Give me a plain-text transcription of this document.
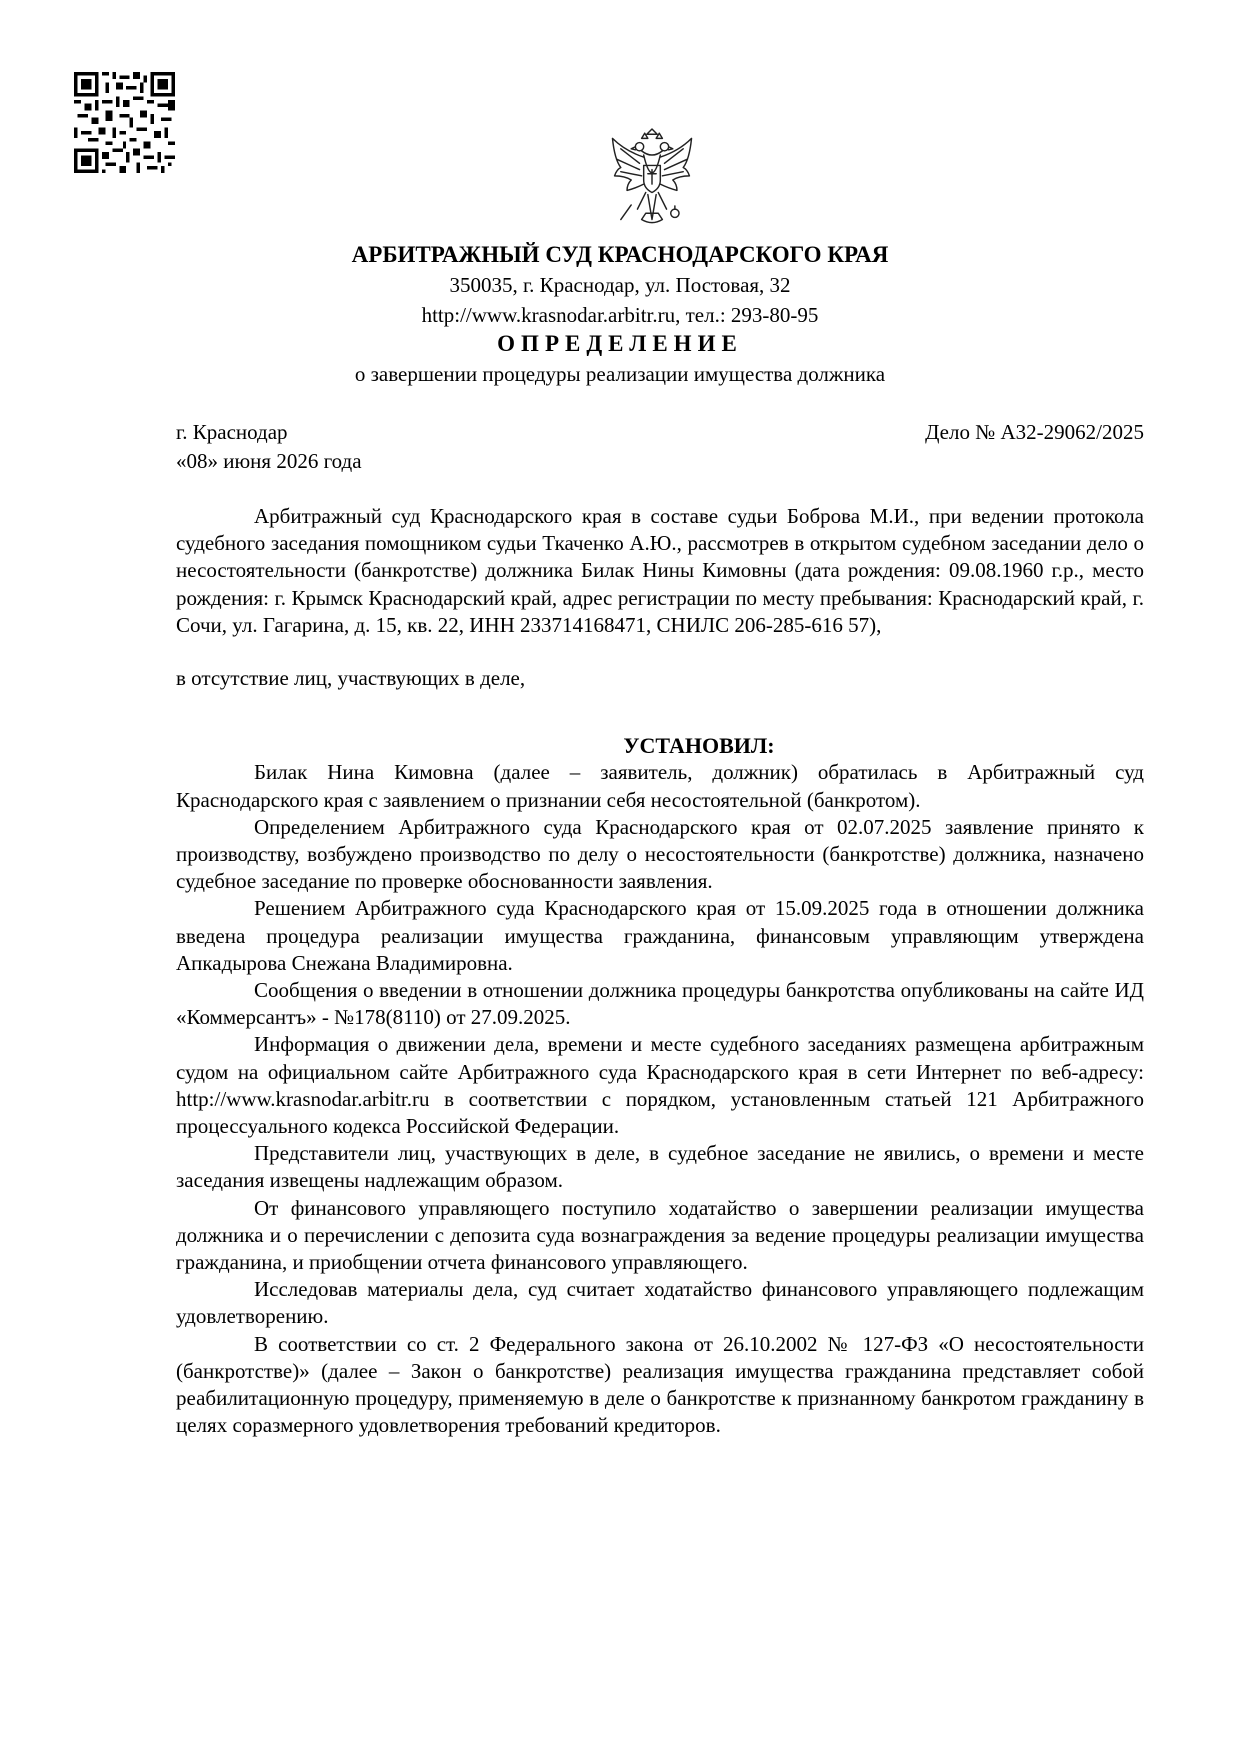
АРБИТРАЖНЫЙ СУД КРАСНОДАРСКОГО КРАЯ
350035, г. Краснодар, ул. Постовая, 32
http://www.krasnodar.arbitr.ru, тел.: 293-80-95
ОПРЕДЕЛЕНИЕ
о завершении процедуры реализации имущества должника
г. Краснодар
«08» июня 2026 года
Дело № А32-29062/2025

Арбитражный суд Краснодарского края в составе судьи Боброва М.И., при ведении протокола судебного заседания помощником судьи Ткаченко А.Ю., рассмотрев в открытом судебном заседании дело о несостоятельности (банкротстве) должника Билак Нины Кимовны (дата рождения: 09.08.1960 г.р., место рождения: г. Крымск Краснодарский край, адрес регистрации по месту пребывания: Краснодарский край, г. Сочи, ул. Гагарина, д. 15, кв. 22, ИНН 233714168471, СНИЛС 206-285-616 57),

в отсутствие лиц, участвующих в деле,

УСТАНОВИЛ:

Билак Нина Кимовна (далее – заявитель, должник) обратилась в Арбитражный суд Краснодарского края с заявлением о признании себя несостоятельной (банкротом).

Определением Арбитражного суда Краснодарского края от 02.07.2025 заявление принято к производству, возбуждено производство по делу о несостоятельности (банкротстве) должника, назначено судебное заседание по проверке обоснованности заявления.

Решением Арбитражного суда Краснодарского края от 15.09.2025 года в отношении должника введена процедура реализации имущества гражданина, финансовым управляющим утверждена Апкадырова Снежана Владимировна.

Сообщения о введении в отношении должника процедуры банкротства опубликованы на сайте ИД «Коммерсантъ» - №178(8110) от 27.09.2025.

Информация о движении дела, времени и месте судебного заседаниях размещена арбитражным судом на официальном сайте Арбитражного суда Краснодарского края в сети Интернет по веб-адресу: http://www.krasnodar.arbitr.ru в соответствии с порядком, установленным статьей 121 Арбитражного процессуального кодекса Российской Федерации.

Представители лиц, участвующих в деле, в судебное заседание не явились, о времени и месте заседания извещены надлежащим образом.

От финансового управляющего поступило ходатайство о завершении реализации имущества должника и о перечислении с депозита суда вознаграждения за ведение процедуры реализации имущества гражданина, и приобщении отчета финансового управляющего.

Исследовав материалы дела, суд считает ходатайство финансового управляющего подлежащим удовлетворению.

В соответствии со ст. 2 Федерального закона от 26.10.2002 № 127-ФЗ «О несостоятельности (банкротстве)» (далее – Закон о банкротстве) реализация имущества гражданина представляет собой реабилитационную процедуру, применяемую в деле о банкротстве к признанному банкротом гражданину в целях соразмерного удовлетворения требований кредиторов.
